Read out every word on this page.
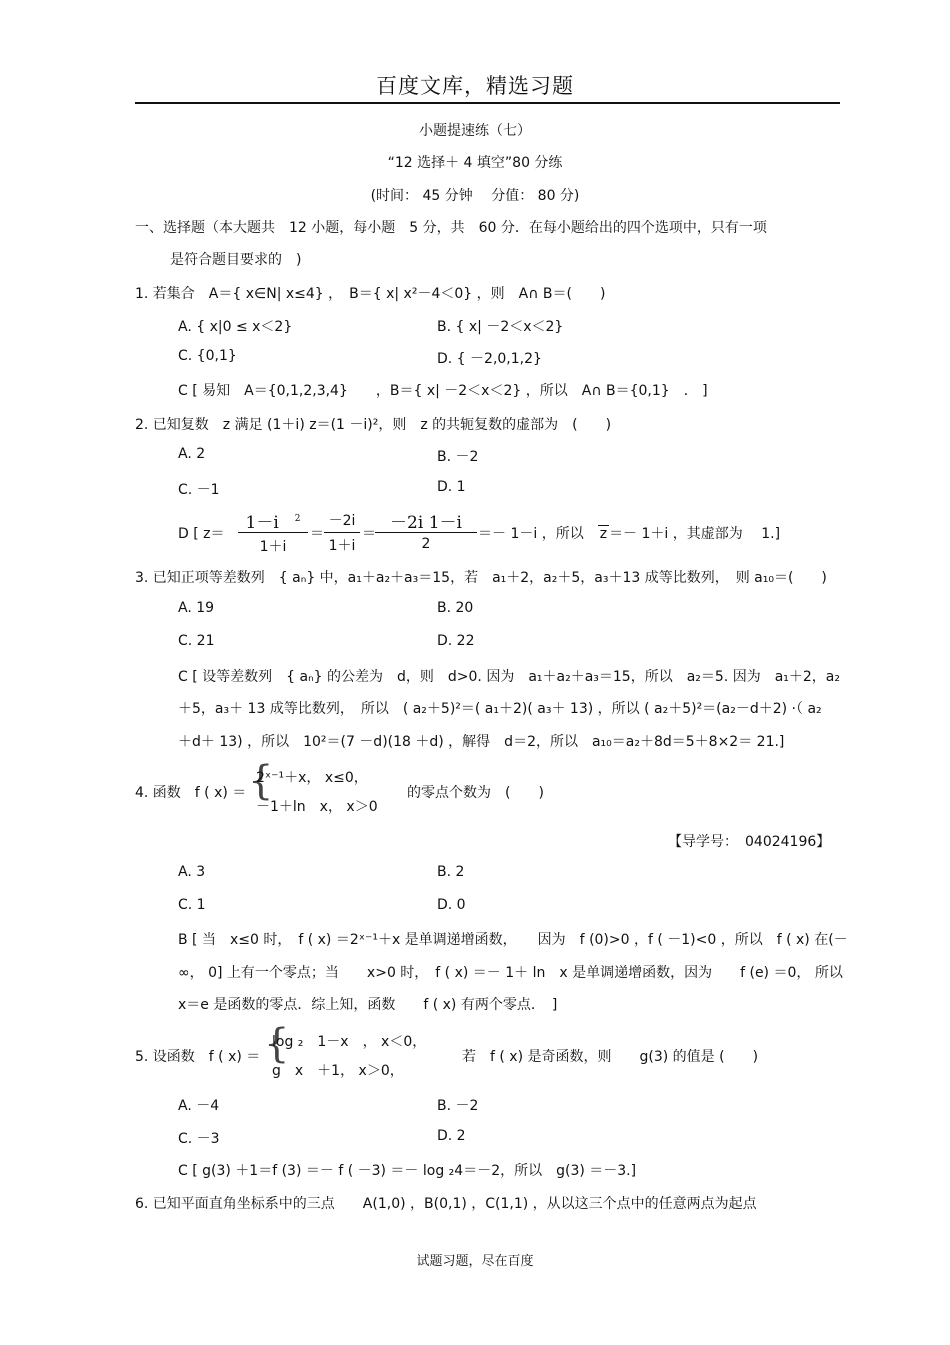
百度文库，精选习题
小题提速练（七）
“12 选择＋ 4 填空”80 分练
(时间： 45 分钟　 分值： 80 分)
一、选择题（本大题共　12 小题，每小题　5 分，共　60 分．在每小题给出的四个选项中，只有一项
是符合题目要求的　)
1. 若集合　A＝{ x∈N| x≤4} ，　B＝{ x| x²－4＜0} ，则　A∩ B＝(　　)
A. { x|0 ≤ x＜2}	B. { x| －2＜x＜2}
C. {0,1}	D. { －2,0,1,2}
C [ 易知　A＝{0,1,2,3,4}　　，B＝{ x| －2＜x＜2} ，所以　A∩ B＝{0,1}　． ]
2. 已知复数　z 满足 (1＋i) z＝(1 －i)²，则　z 的共轭复数的虚部为　(　　)
A. 2	B. －2
C. －1	D. 1
D [ z＝
1－i $^2$
1＋i
＝
－2i
1＋i
＝
－2i 1－i
2
＝－ 1－i ，所以　z ＝－ 1＋i ，其虚部为　 1.]
3. 已知正项等差数列　{ aₙ} 中，a₁＋a₂＋a₃＝15，若　a₁＋2，a₂＋5，a₃＋13 成等比数列，　则 a₁₀＝(　　)
A. 19	B. 20
C. 21	D. 22
C [ 设等差数列　{ aₙ} 的公差为　d，则　d>0. 因为　a₁＋a₂＋a₃＝15，所以　a₂＝5. 因为　a₁＋2，a₂
＋5，a₃＋ 13 成等比数列，　所以　( a₂＋5)²＝( a₁＋2)( a₃＋ 13) ，所以 ( a₂＋5)²＝(a₂－d＋2) ·（ a₂
＋d＋ 13) ，所以　10²＝(7 －d)(18 ＋d) ，解得　d＝2，所以　a₁₀＝a₂＋8d＝5＋8×2＝ 21.]
4. 函数　f ( x) ＝ {
2ˣ⁻¹＋x， x≤0，
－1＋ln　x， x＞0
的零点个数为　(　　)
【导学号：　04024196】
A. 3	B. 2
C. 1	D. 0
B [ 当　x≤0 时，　f ( x) ＝2ˣ⁻¹＋x 是单调递增函数，　　因为　f (0)>0 ，f ( －1)<0 ，所以　f ( x) 在(－
∞， 0] 上有一个零点；当　　x>0 时，　f ( x) ＝－ 1＋ ln　x 是单调递增函数，因为　　f (e) ＝0， 所以
x＝e 是函数的零点．综上知，函数　　f ( x) 有两个零点．　]
5. 设函数　f ( x) ＝ {
log ₂　1－x　， x＜0，
g　x　＋1， x＞0，
若　f ( x) 是奇函数，则　　g(3) 的值是 (　　)
A. －4	B. －2
C. －3	D. 2
C [ g(3) ＋1＝f (3) ＝－ f ( －3) ＝－ log ₂4＝－2，所以　g(3) ＝－3.]
6. 已知平面直角坐标系中的三点　　A(1,0) ，B(0,1) ，C(1,1) ，从以这三个点中的任意两点为起点
试题习题，尽在百度
